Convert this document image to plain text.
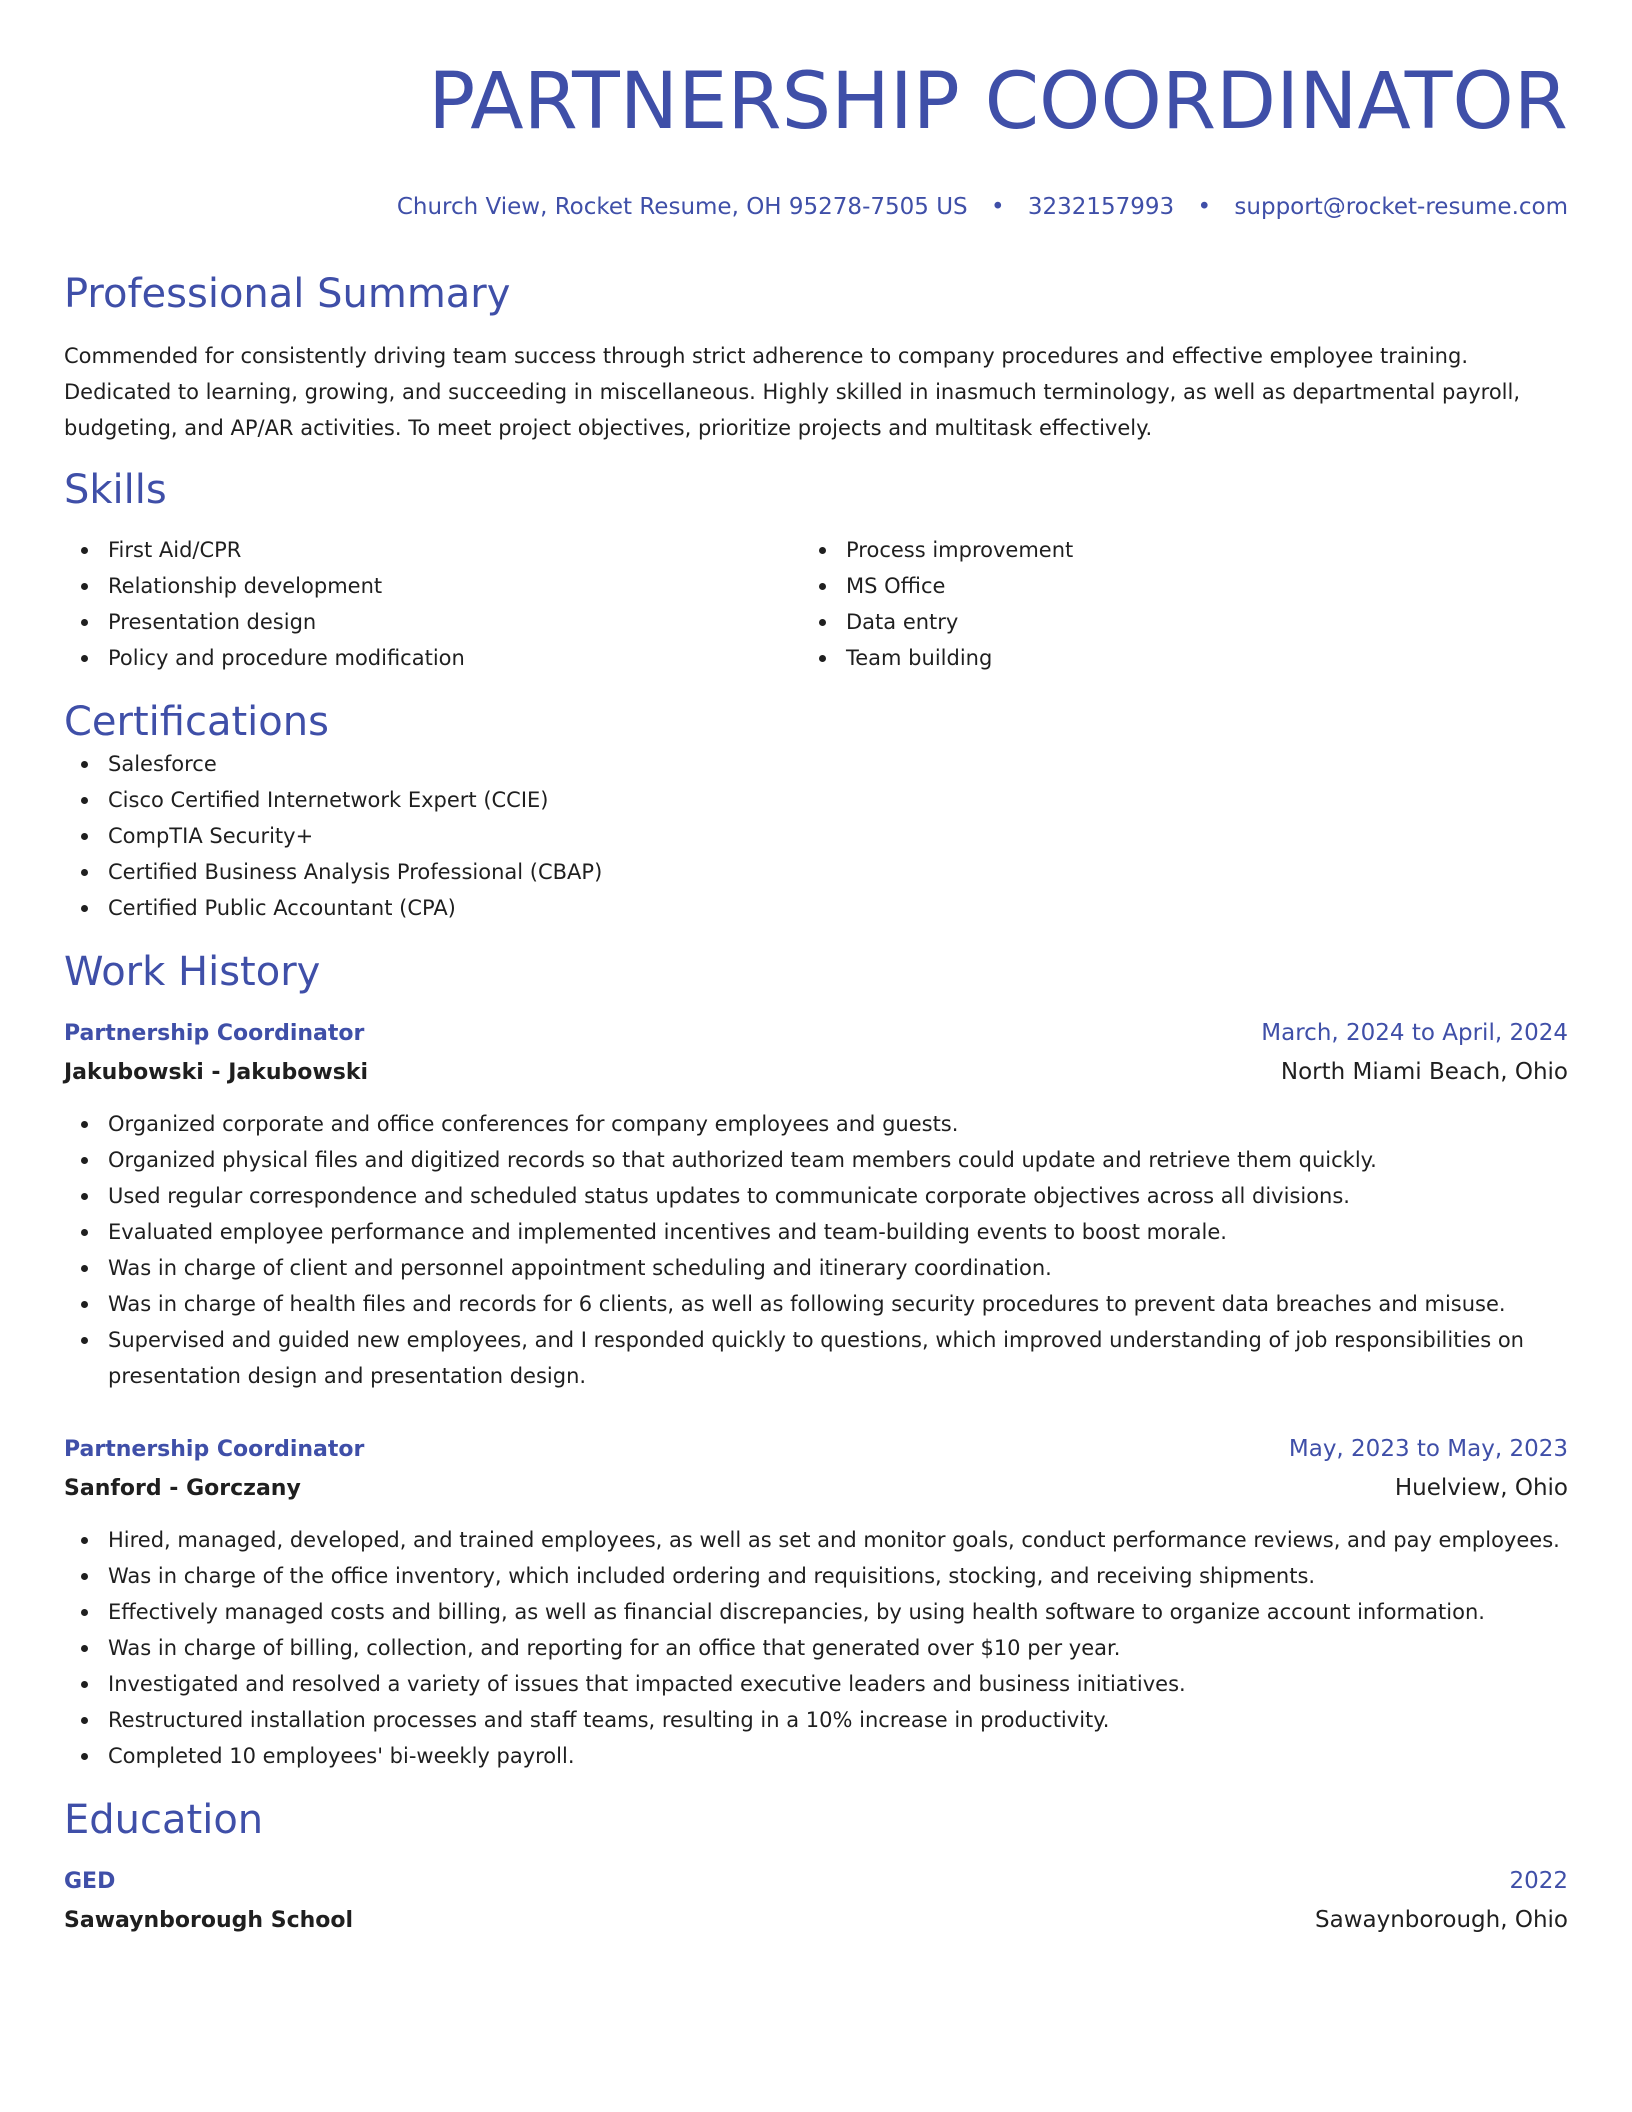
PARTNERSHIP COORDINATOR
Church View, Rocket Resume, OH 95278-7505 US • 3232157993 • support@rocket-resume.com
Professional Summary
Commended for consistently driving team success through strict adherence to company procedures and effective employee training. Dedicated to learning, growing, and succeeding in miscellaneous. Highly skilled in inasmuch terminology, as well as departmental payroll, budgeting, and AP/AR activities. To meet project objectives, prioritize projects and multitask effectively.
Skills
First Aid/CPR
Relationship development
Presentation design
Policy and procedure modification
Process improvement
MS Office
Data entry
Team building
Certifications
Salesforce
Cisco Certified Internetwork Expert (CCIE)
CompTIA Security+
Certified Business Analysis Professional (CBAP)
Certified Public Accountant (CPA)
Work History
Partnership Coordinator	March, 2024 to April, 2024
Jakubowski - Jakubowski	North Miami Beach, Ohio
Organized corporate and office conferences for company employees and guests.
Organized physical files and digitized records so that authorized team members could update and retrieve them quickly.
Used regular correspondence and scheduled status updates to communicate corporate objectives across all divisions.
Evaluated employee performance and implemented incentives and team-building events to boost morale.
Was in charge of client and personnel appointment scheduling and itinerary coordination.
Was in charge of health files and records for 6 clients, as well as following security procedures to prevent data breaches and misuse.
Supervised and guided new employees, and I responded quickly to questions, which improved understanding of job responsibilities on presentation design and presentation design.
Partnership Coordinator	May, 2023 to May, 2023
Sanford - Gorczany	Huelview, Ohio
Hired, managed, developed, and trained employees, as well as set and monitor goals, conduct performance reviews, and pay employees.
Was in charge of the office inventory, which included ordering and requisitions, stocking, and receiving shipments.
Effectively managed costs and billing, as well as financial discrepancies, by using health software to organize account information.
Was in charge of billing, collection, and reporting for an office that generated over $10 per year.
Investigated and resolved a variety of issues that impacted executive leaders and business initiatives.
Restructured installation processes and staff teams, resulting in a 10% increase in productivity.
Completed 10 employees' bi-weekly payroll.
Education
GED	2022
Sawaynborough School	Sawaynborough, Ohio
